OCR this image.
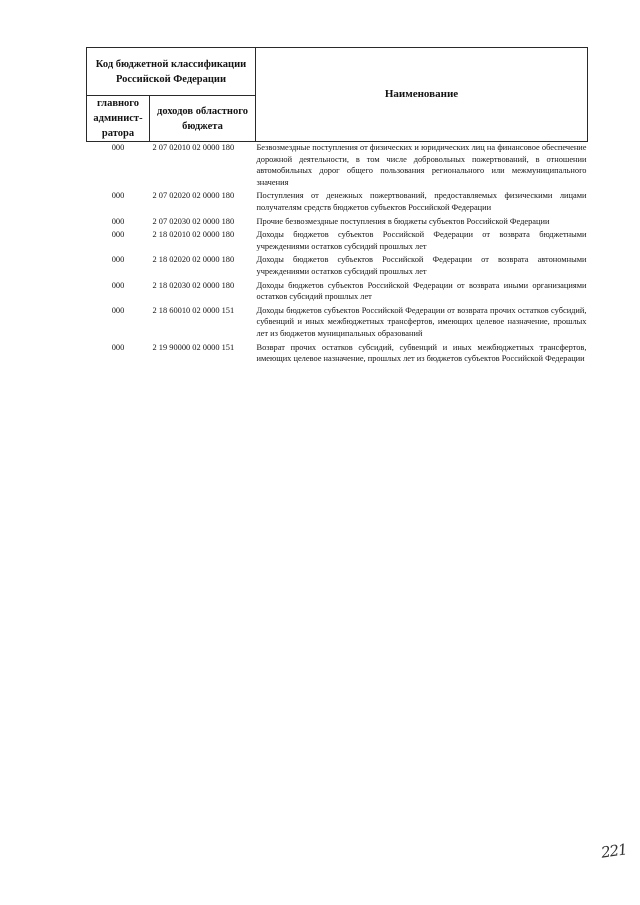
Код бюджетной классификации Российской Федерации		Наименование
главного админист-ратора	доходов областного бюджета	
000	2 07 02010 02 0000 180	Безвозмездные поступления от физических и юридических лиц на финансовое обеспечение дорожной деятельности, в том числе добровольных пожертвований, в отношении автомобильных дорог общего пользования регионального или межмуниципального значения
000	2 07 02020 02 0000 180	Поступления от денежных пожертвований, предоставляемых физическими лицами получателям средств бюджетов субъектов Российской Федерации
000	2 07 02030 02 0000 180	Прочие безвозмездные поступления в бюджеты субъектов Российской Федерации
000	2 18 02010 02 0000 180	Доходы бюджетов субъектов Российской Федерации от возврата бюджетными учреждениями остатков субсидий прошлых лет
000	2 18 02020 02 0000 180	Доходы бюджетов субъектов Российской Федерации от возврата автономными учреждениями остатков субсидий прошлых лет
000	2 18 02030 02 0000 180	Доходы бюджетов субъектов Российской Федерации от возврата иными организациями остатков субсидий прошлых лет
000	2 18 60010 02 0000 151	Доходы бюджетов субъектов Российской Федерации от возврата прочих остатков субсидий, субвенций и иных межбюджетных трансфертов, имеющих целевое назначение, прошлых лет из бюджетов муниципальных образований
000	2 19 90000 02 0000 151	Возврат прочих остатков субсидий, субвенций и иных межбюджетных трансфертов, имеющих целевое назначение, прошлых лет из бюджетов субъектов Российской Федерации
221
